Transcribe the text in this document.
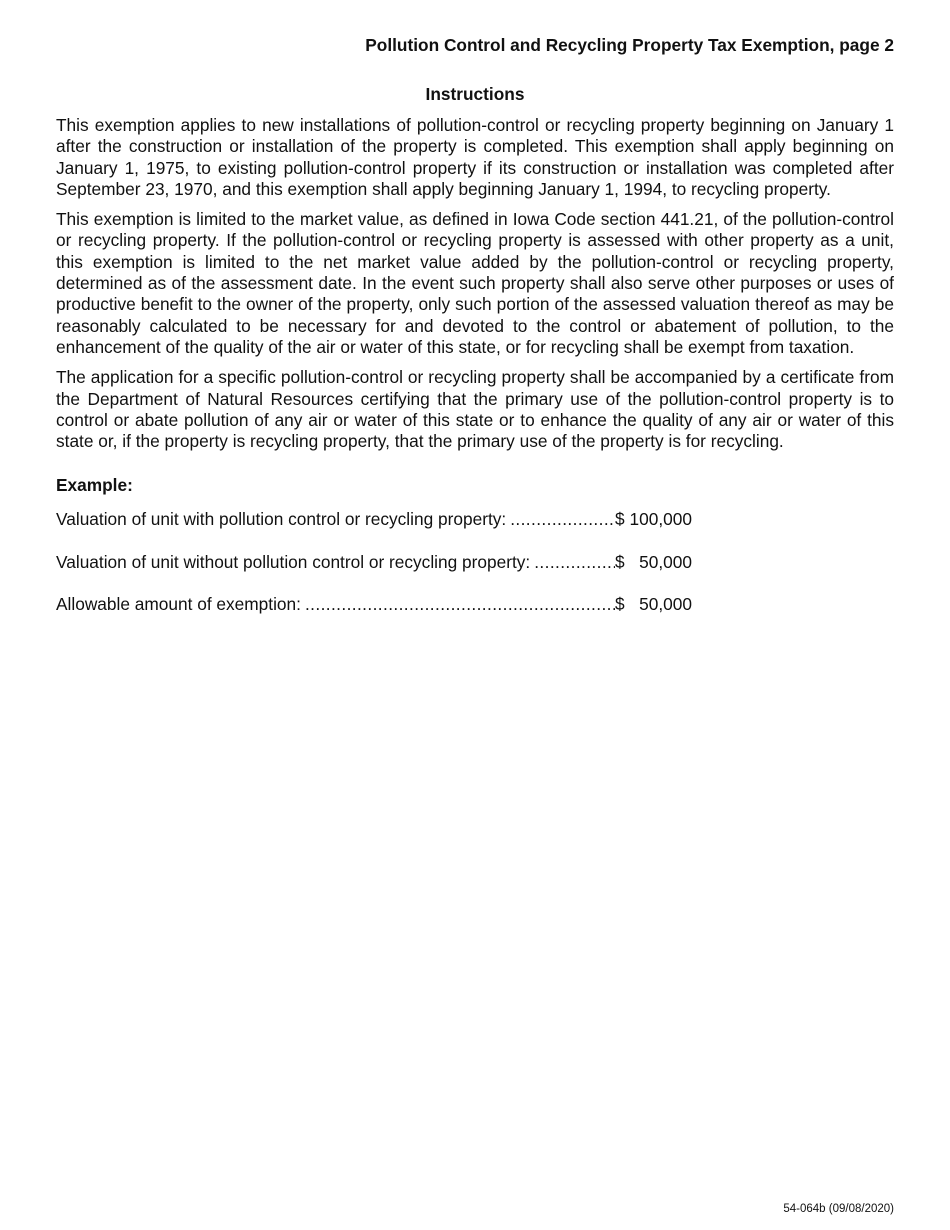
Pollution Control and Recycling Property Tax Exemption, page 2
Instructions

This exemption applies to new installations of pollution-control or recycling property beginning on January 1 after the construction or installation of the property is completed. This exemption shall apply beginning on January 1, 1975, to existing pollution-control property if its construction or installation was completed after September 23, 1970, and this exemption shall apply beginning January 1, 1994, to recycling property.

This exemption is limited to the market value, as defined in Iowa Code section 441.21, of the pollution-control or recycling property. If the pollution-control or recycling property is assessed with other property as a unit, this exemption is limited to the net market value added by the pollution-control or recycling property, determined as of the assessment date. In the event such property shall also serve other purposes or uses of productive benefit to the owner of the property, only such portion of the assessed valuation thereof as may be reasonably calculated to be necessary for and devoted to the control or abatement of pollution, to the enhancement of the quality of the air or water of this state, or for recycling shall be exempt from taxation.

The application for a specific pollution-control or recycling property shall be accompanied by a certificate from the Department of Natural Resources certifying that the primary use of the pollution-control property is to control or abate pollution of any air or water of this state or to enhance the quality of any air or water of this state or, if the property is recycling property, that the primary use of the property is for recycling.

Example:
Valuation of unit with pollution control or recycling property: .....	$ 100,000
Valuation of unit without pollution control or recycling property: .....	$ 50,000
Allowable amount of exemption: .....	$ 50,000
54-064b (09/08/2020)
